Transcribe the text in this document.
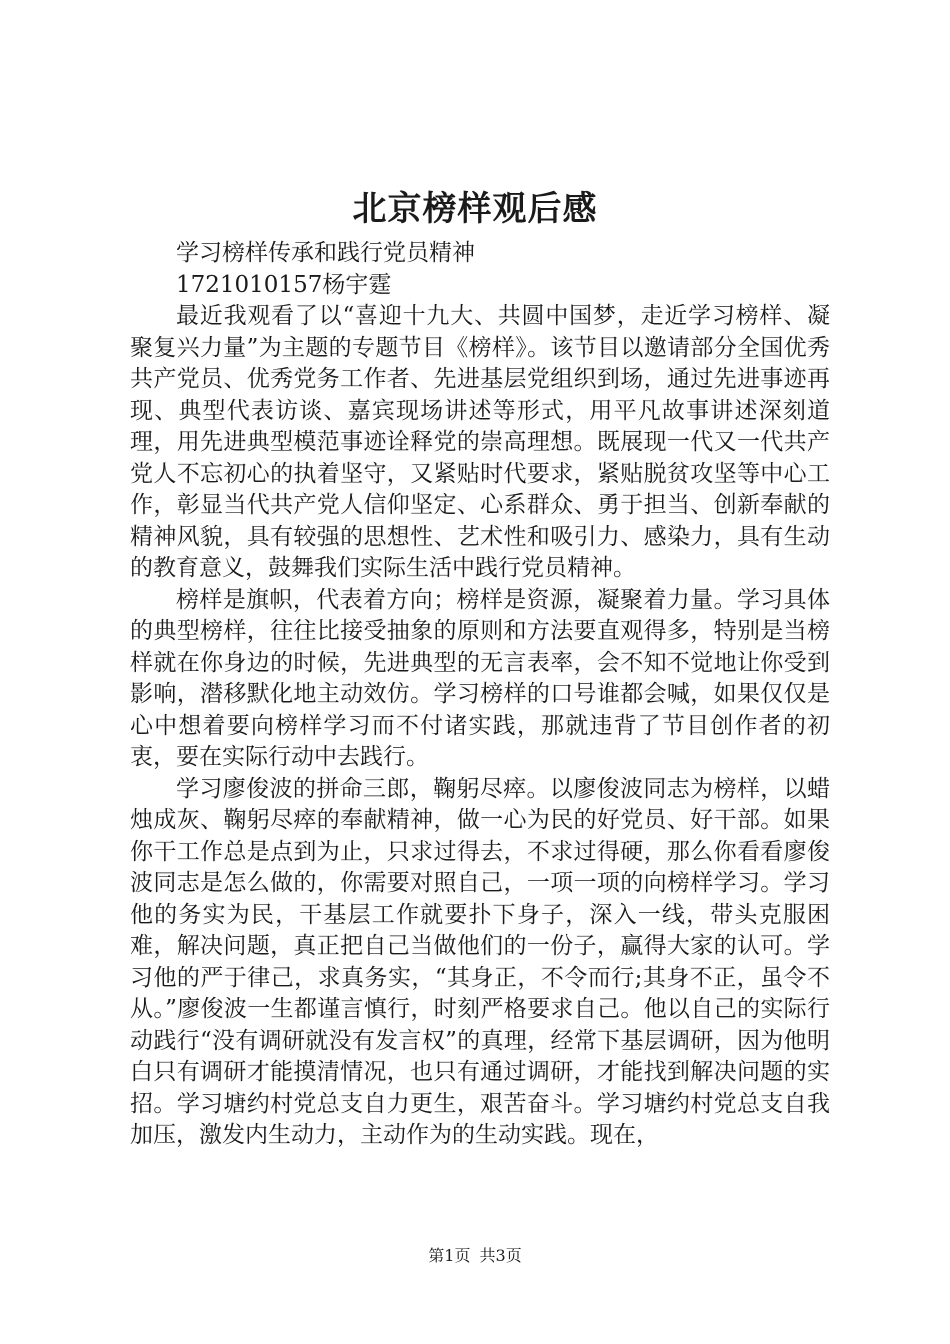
北京榜样观后感

学习榜样传承和践行党员精神

1721010157杨宇霆

最近我观看了以“喜迎十九大、共圆中国梦，走近学习榜样、凝聚复兴力量”为主题的专题节目《榜样》。该节目以邀请部分全国优秀共产党员、优秀党务工作者、先进基层党组织到场，通过先进事迹再现、典型代表访谈、嘉宾现场讲述等形式，用平凡故事讲述深刻道理，用先进典型模范事迹诠释党的崇高理想。既展现一代又一代共产党人不忘初心的执着坚守，又紧贴时代要求，紧贴脱贫攻坚等中心工作，彰显当代共产党人信仰坚定、心系群众、勇于担当、创新奉献的精神风貌，具有较强的思想性、艺术性和吸引力、感染力，具有生动的教育意义，鼓舞我们实际生活中践行党员精神。

榜样是旗帜，代表着方向；榜样是资源，凝聚着力量。学习具体的典型榜样，往往比接受抽象的原则和方法要直观得多，特别是当榜样就在你身边的时候，先进典型的无言表率，会不知不觉地让你受到影响，潜移默化地主动效仿。学习榜样的口号谁都会喊，如果仅仅是心中想着要向榜样学习而不付诸实践，那就违背了节目创作者的初衷，要在实际行动中去践行。

学习廖俊波的拼命三郎，鞠躬尽瘁。以廖俊波同志为榜样，以蜡烛成灰、鞠躬尽瘁的奉献精神，做一心为民的好党员、好干部。如果你干工作总是点到为止，只求过得去，不求过得硬，那么你看看廖俊波同志是怎么做的，你需要对照自己，一项一项的向榜样学习。学习他的务实为民，干基层工作就要扑下身子，深入一线，带头克服困难，解决问题，真正把自己当做他们的一份子，赢得大家的认可。学习他的严于律己，求真务实，“其身正，不令而行;其身不正，虽令不从。”廖俊波一生都谨言慎行，时刻严格要求自己。他以自己的实际行动践行“没有调研就没有发言权”的真理，经常下基层调研，因为他明白只有调研才能摸清情况，也只有通过调研，才能找到解决问题的实招。学习塘约村党总支自力更生，艰苦奋斗。学习塘约村党总支自我加压，激发内生动力，主动作为的生动实践。现在，

第1页 共3页
